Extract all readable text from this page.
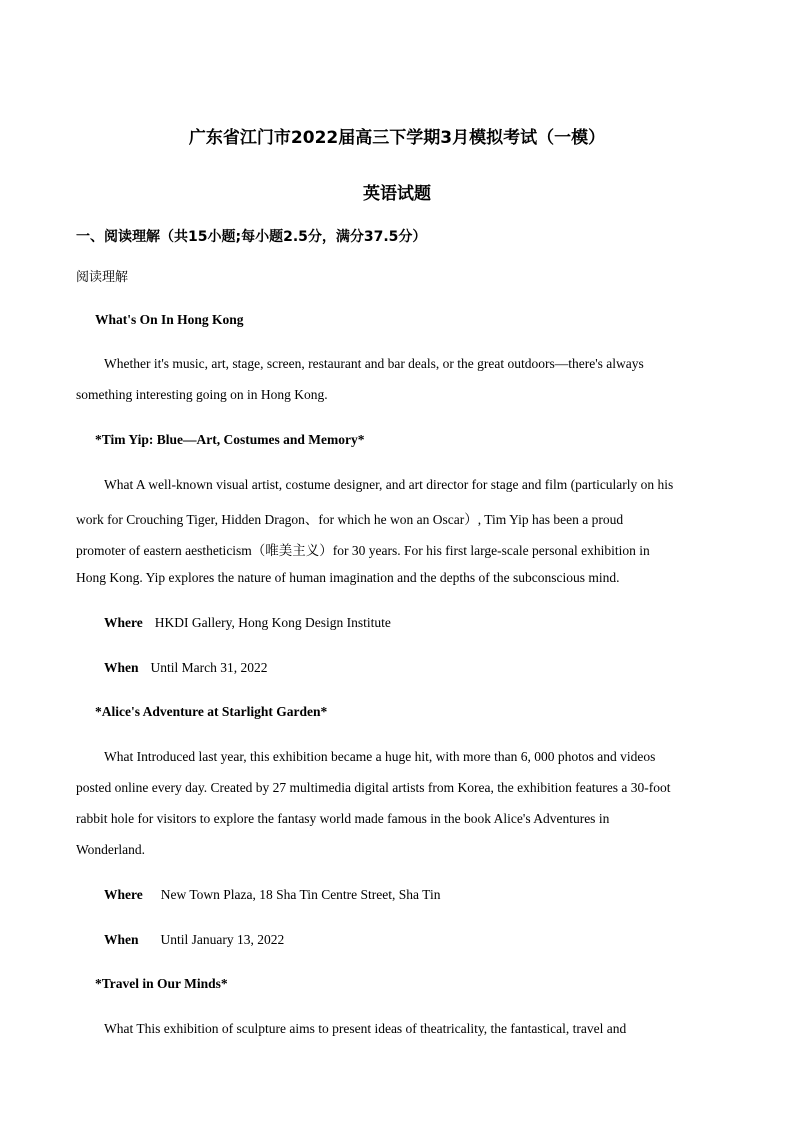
广东省江门市2022届高三下学期3月模拟考试（一模）
英语试题
一、阅读理解（共15小题;每小题2.5分，满分37.5分）
阅读理解
What's On In Hong Kong
Whether it's music, art, stage, screen, restaurant and bar deals, or the great outdoors—there's always
something interesting going on in Hong Kong.
*Tim Yip: Blue—Art, Costumes and Memory*
What A well-known visual artist, costume designer, and art director for stage and film (particularly on his
work for Crouching Tiger, Hidden Dragon、for which he won an Oscar）, Tim Yip has been a proud
promoter of eastern aestheticism（唯美主义）for 30 years. For his first large-scale personal exhibition in
Hong Kong. Yip explores the nature of human imagination and the depths of the subconscious mind.
Where HKDI Gallery, Hong Kong Design Institute
When Until March 31, 2022
*Alice's Adventure at Starlight Garden*
What Introduced last year, this exhibition became a huge hit, with more than 6, 000 photos and videos
posted online every day. Created by 27 multimedia digital artists from Korea, the exhibition features a 30-foot
rabbit hole for visitors to explore the fantasy world made famous in the book Alice's Adventures in
Wonderland.
Where New Town Plaza, 18 Sha Tin Centre Street, Sha Tin
When Until January 13, 2022
*Travel in Our Minds*
What This exhibition of sculpture aims to present ideas of theatricality, the fantastical, travel and
